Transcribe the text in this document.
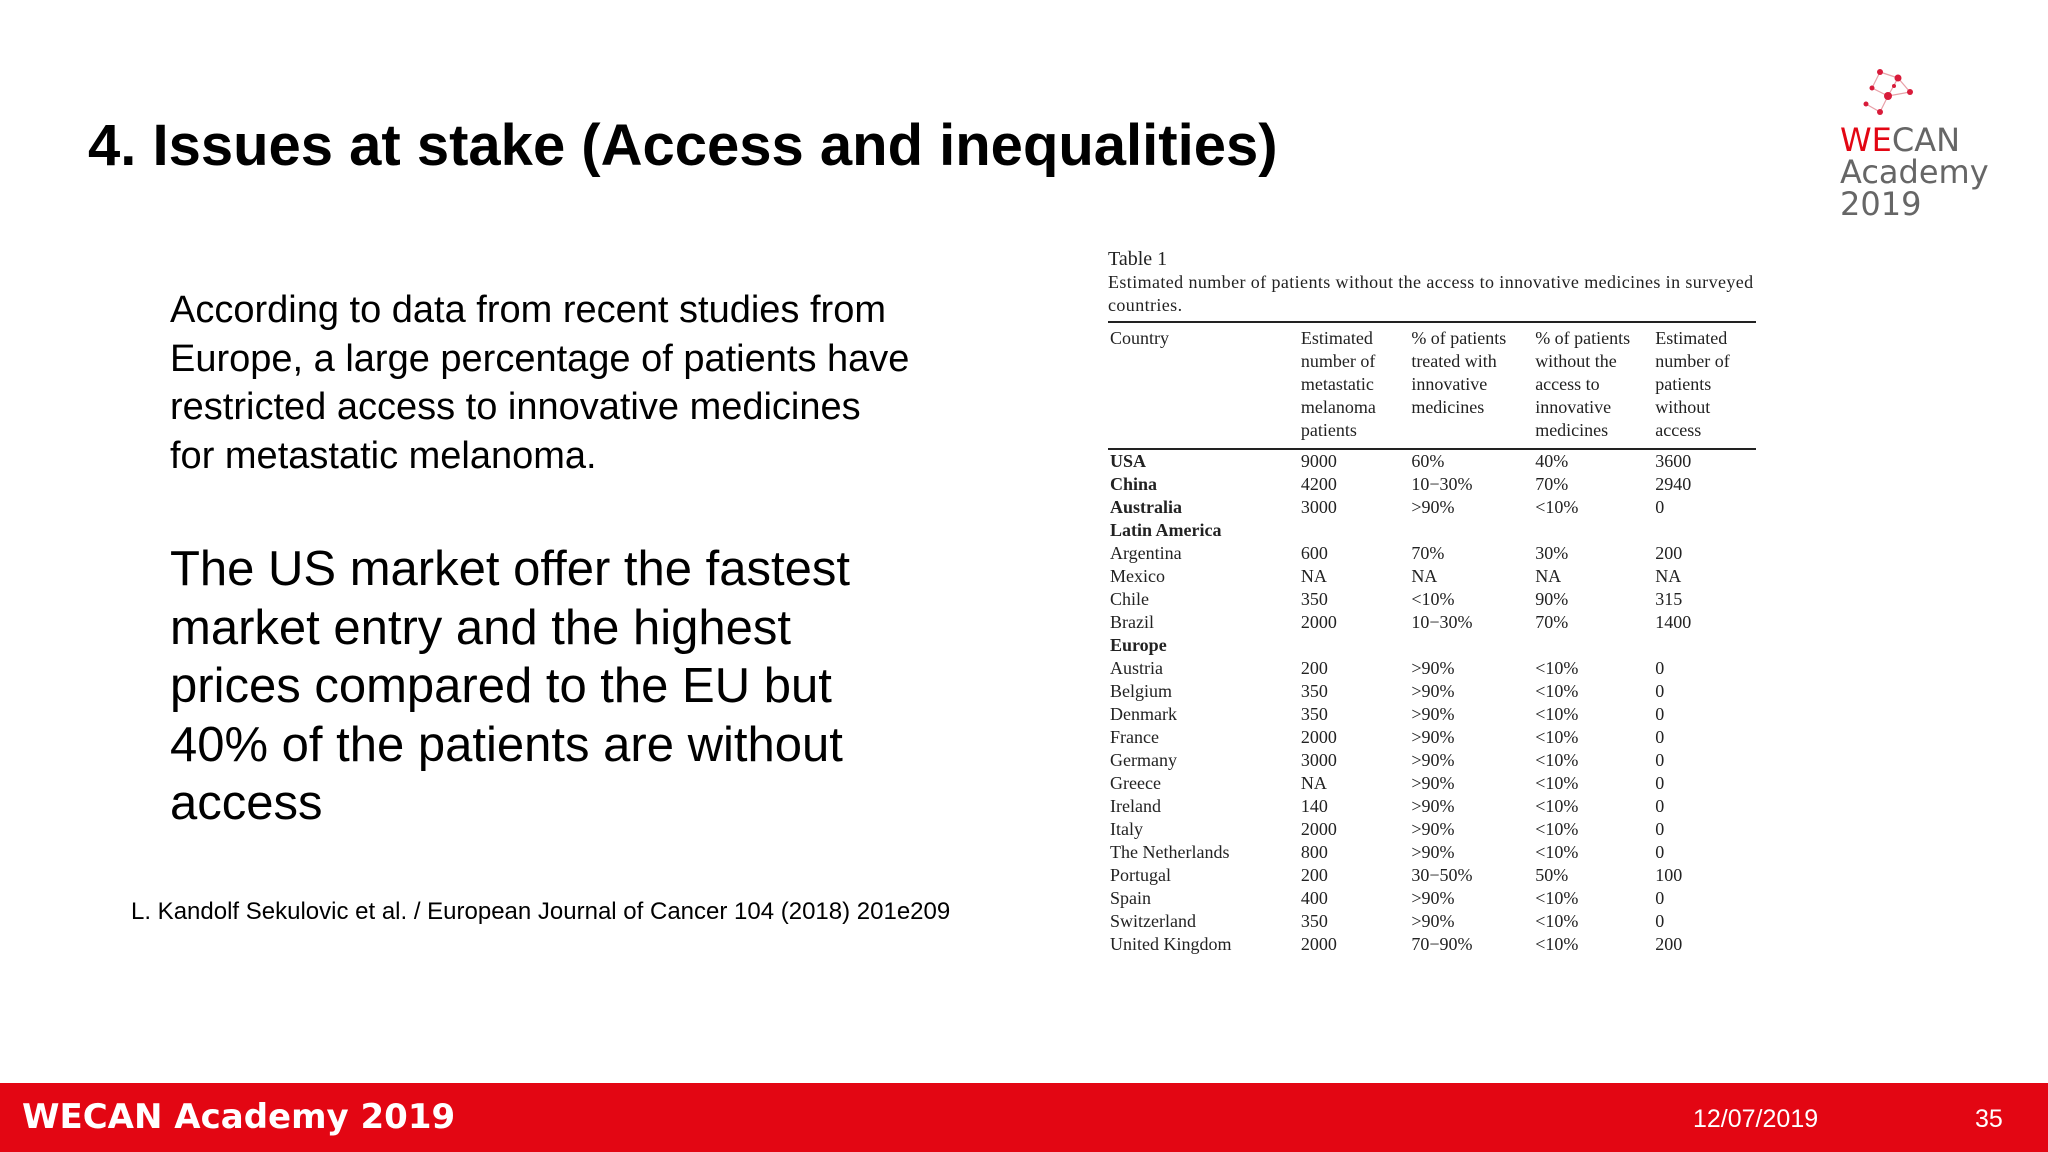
4. Issues at stake (Access and inequalities)	WECAN
Academy
2019

According to data from recent studies from Europe, a large percentage of patients have restricted access to innovative medicines for metastatic melanoma.

The US market offer the fastest market entry and the highest prices compared to the EU but 40% of the patients are without access

L. Kandolf Sekulovic et al. / European Journal of Cancer 104 (2018) 201e209
Table 1
Estimated number of patients without the access to innovative medicines in surveyed countries.
Country	Estimated number of metastatic melanoma patients	% of patients treated with innovative medicines	% of patients without the access to innovative medicines	Estimated number of patients without access
USA	9000	60%	40%	3600
China	4200	10−30%	70%	2940
Australia	3000	>90%	<10%	0
Latin America				
Argentina	600	70%	30%	200
Mexico	NA	NA	NA	NA
Chile	350	<10%	90%	315
Brazil	2000	10−30%	70%	1400
Europe				
Austria	200	>90%	<10%	0
Belgium	350	>90%	<10%	0
Denmark	350	>90%	<10%	0
France	2000	>90%	<10%	0
Germany	3000	>90%	<10%	0
Greece	NA	>90%	<10%	0
Ireland	140	>90%	<10%	0
Italy	2000	>90%	<10%	0
The Netherlands	800	>90%	<10%	0
Portugal	200	30−50%	50%	100
Spain	400	>90%	<10%	0
Switzerland	350	>90%	<10%	0
United Kingdom	2000	70−90%	<10%	200
WECAN Academy 2019	12/07/2019	35
